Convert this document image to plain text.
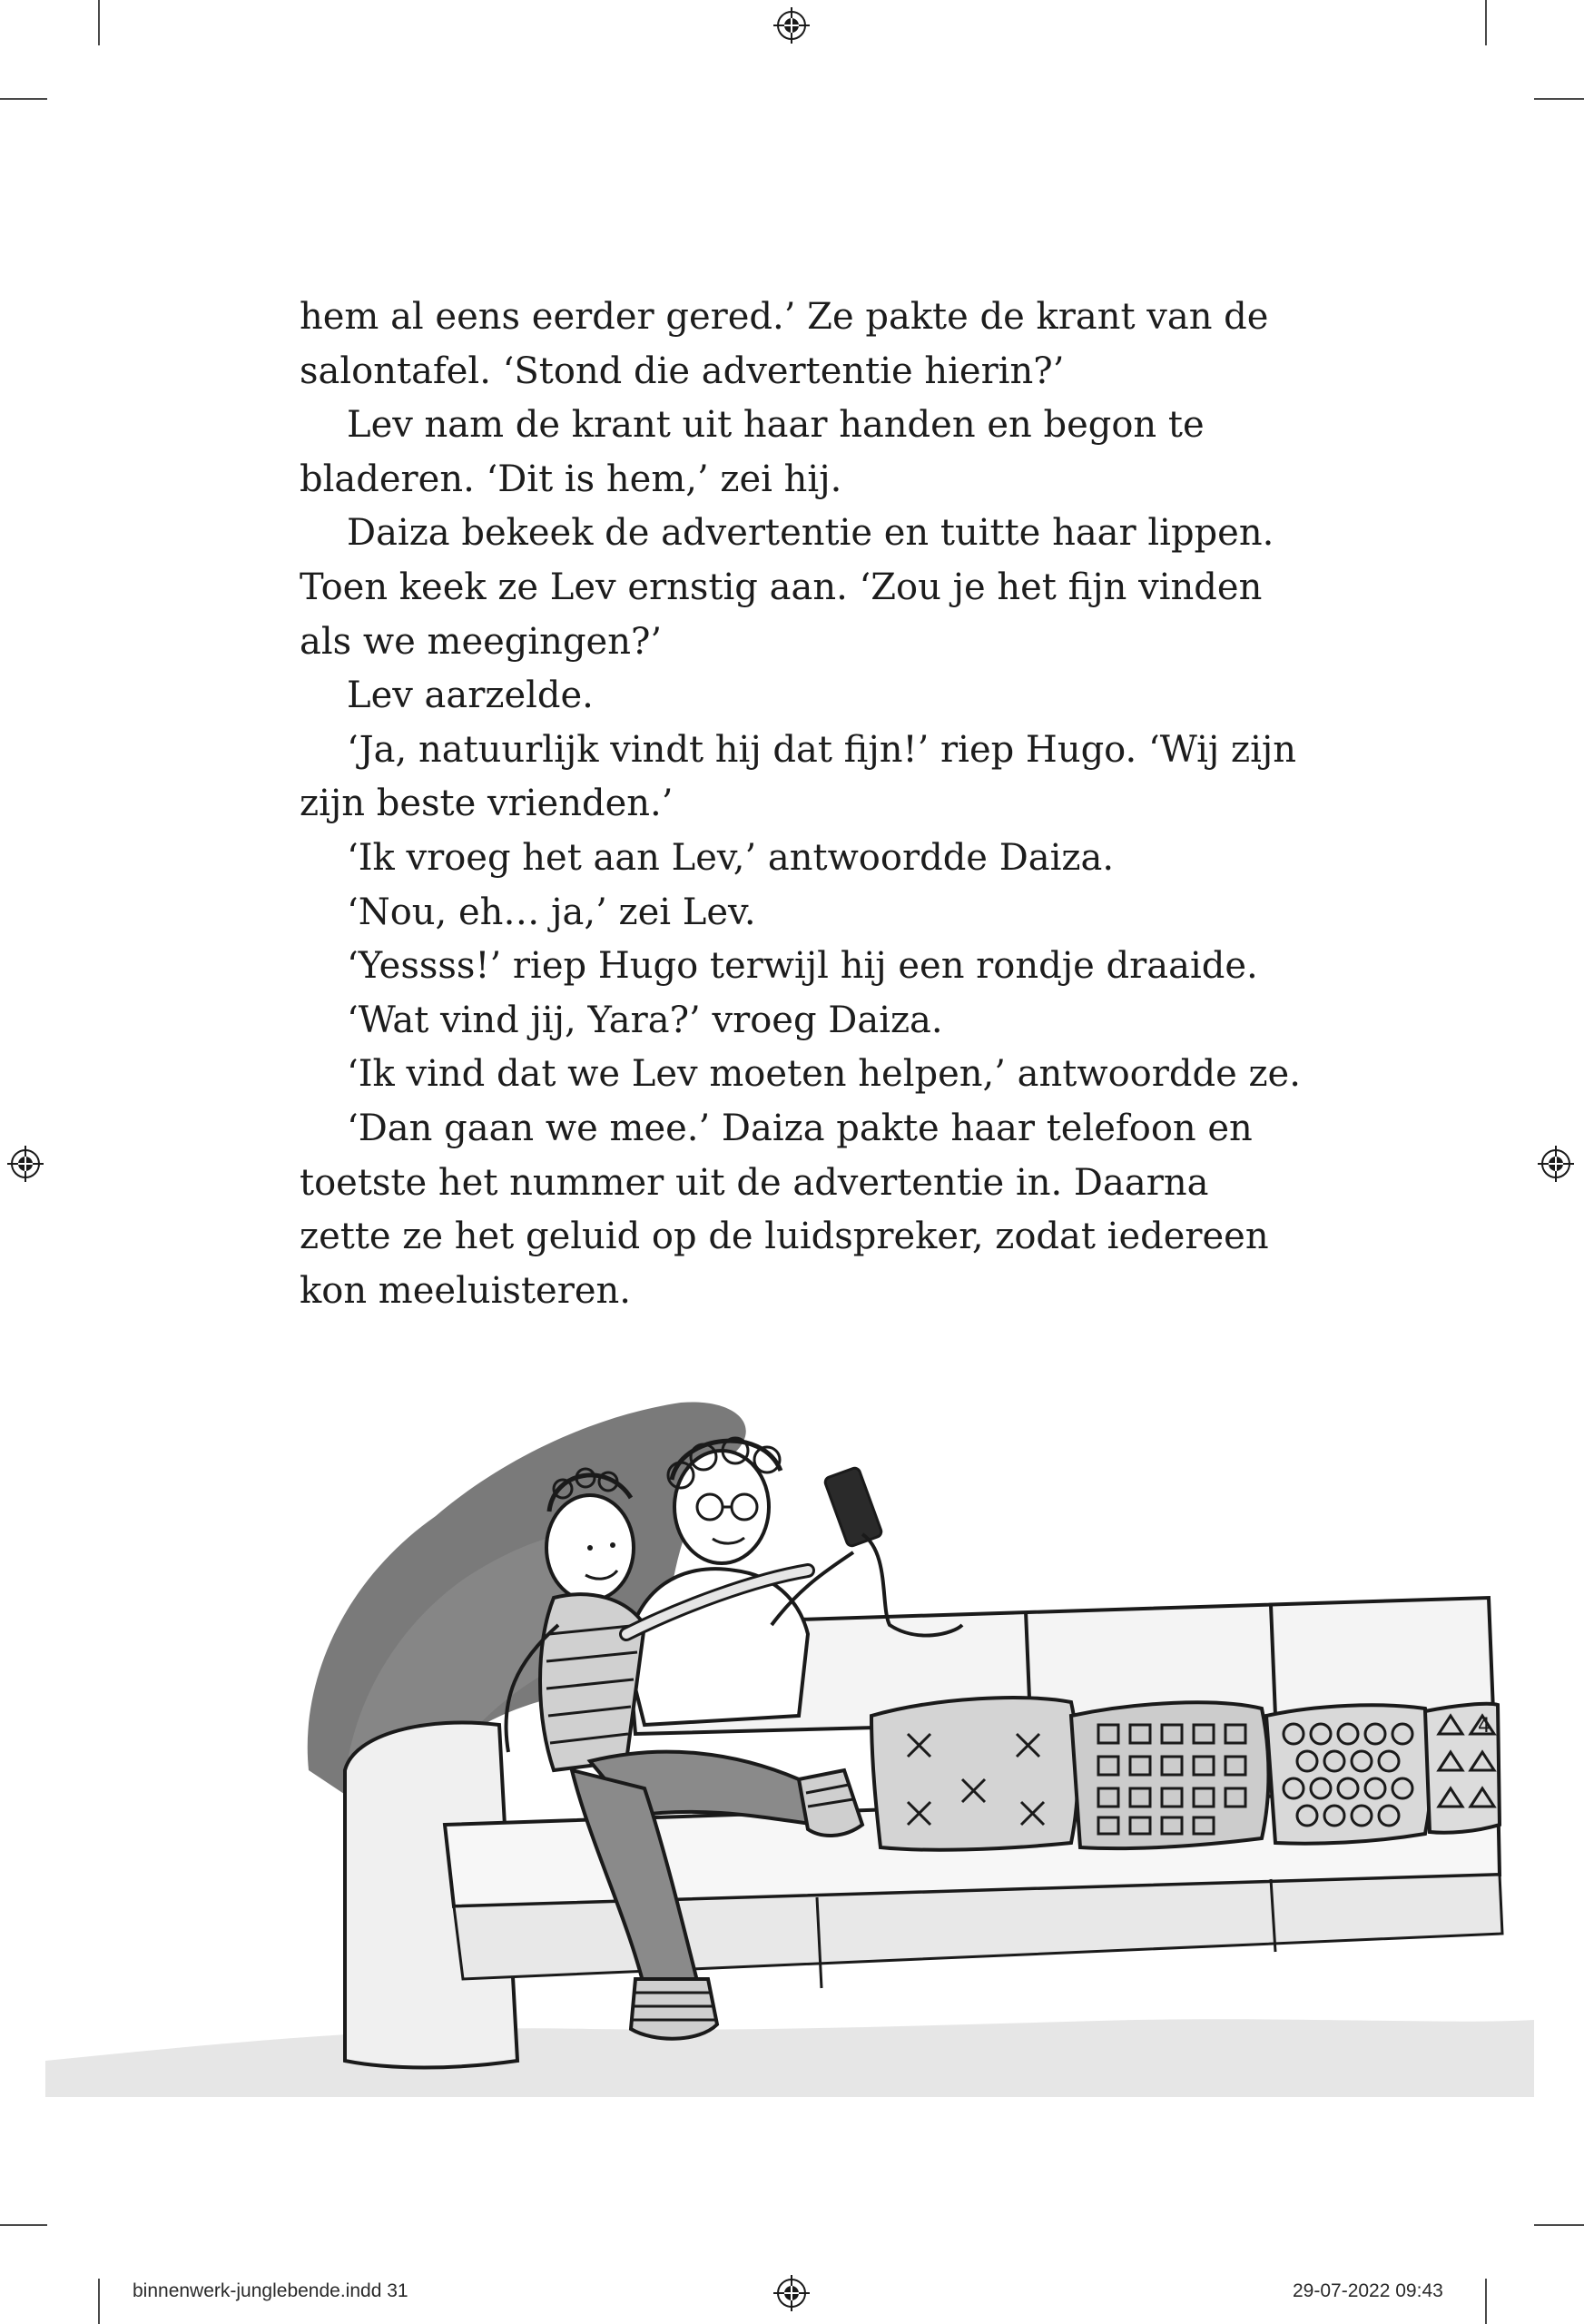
hem al eens eerder gered.’ Ze pakte de krant van de
salontafel. ‘Stond die advertentie hierin?’

Lev nam de krant uit haar handen en begon te
bladeren. ‘Dit is hem,’ zei hij.

Daiza bekeek de advertentie en tuitte haar lippen.
Toen keek ze Lev ernstig aan. ‘Zou je het fijn vinden
als we meegingen?’

Lev aarzelde.

‘Ja, natuurlijk vindt hij dat fijn!’ riep Hugo. ‘Wij zijn
zijn beste vrienden.’

‘Ik vroeg het aan Lev,’ antwoordde Daiza.

‘Nou, eh… ja,’ zei Lev.

‘Yessss!’ riep Hugo terwijl hij een rondje draaide.

‘Wat vind jij, Yara?’ vroeg Daiza.

‘Ik vind dat we Lev moeten helpen,’ antwoordde ze.

‘Dan gaan we mee.’ Daiza pakte haar telefoon en
toetste het nummer uit de advertentie in. Daarna
zette ze het geluid op de luidspreker, zodat iedereen
kon meeluisteren.

4
binnenwerk-junglebende.indd 31	29-07-2022 09:43
